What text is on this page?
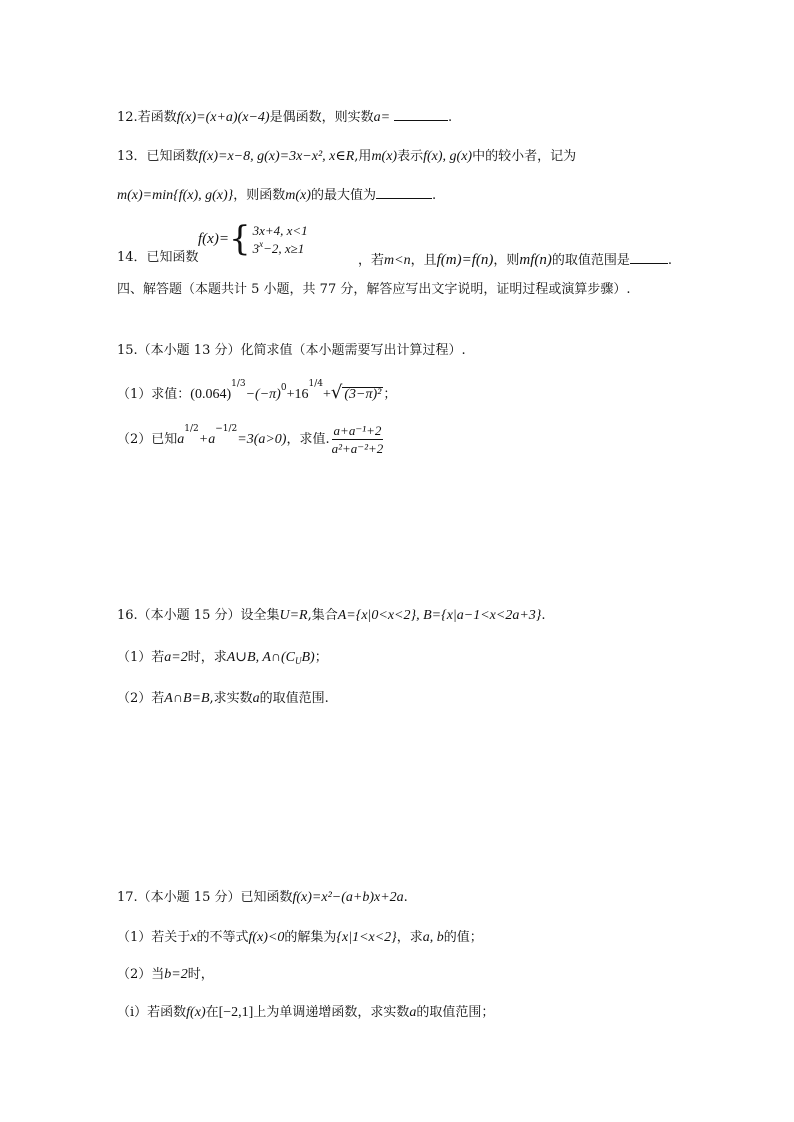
12.若函数f(x)=(x+a)(x−4)是偶函数，则实数a=	.
13．已知函数f(x)=x−8, g(x)=3x−x², x∈R,用m(x)表示f(x), g(x)中的较小者，记为
m(x)=min{f(x), g(x)}，则函数m(x)的最大值为	.
f(x)= { 3x+4, x<1
$3^x-2$, x≥1
14．已知函数	，若m<n，且f(m)=f(n)，则mf(n)的取值范围是	.
四、解答题（本题共计 5 小题，共 77 分，解答应写出文字说明，证明过程或演算步骤）.
15.（本小题 13 分）化简求值（本小题需要写出计算过程）.
（1）求值：$(0.064)^{1/3}-(-\pi)^0+16^{1/4}+√$ (3−π)² ；
（2）已知 a
1/2
+a
−1/2
=3(a>0) ，求值. $\frac{\text{a+a⁻¹+2}}{\text{a²+a⁻²+2}}$
16.（本小题 15 分）设全集U=R,集合A={x|0<x<2}, B={x|a−1<x<2a+3}.
（1）若a=2时，求A∪B, $A\cap(C_UB)$；
（2）若A∩B=B,求实数a的取值范围.
17.（本小题 15 分）已知函数f(x)=x²−(a+b)x+2a.
（1）若关于x的不等式f(x)<0的解集为{x|1<x<2}，求a, b的值；
（2）当b=2时，
（i）若函数f(x)在[−2,1]上为单调递增函数，求实数a的取值范围；
